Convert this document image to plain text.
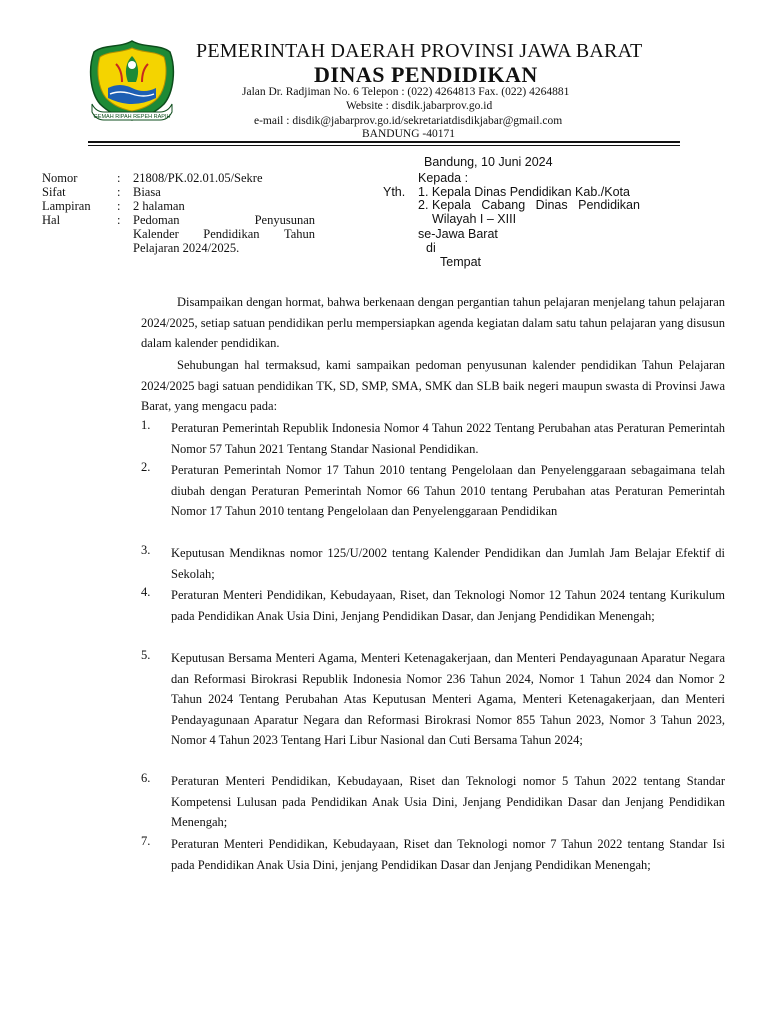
GEMAH RIPAH REPEH RAPIH
PEMERINTAH DAERAH PROVINSI JAWA BARAT
DINAS PENDIDIKAN
Jalan Dr. Radjiman No. 6 Telepon : (022) 4264813 Fax. (022) 4264881
Website : disdik.jabarprov.go.id
e-mail : disdik@jabarprov.go.id/sekretariatdisdikjabar@gmail.com
BANDUNG -40171
Bandung, 10 Juni 2024
Nomor	: 21808/PK.02.01.05/Sekre
Sifat	: Biasa
Lampiran : 2 halaman
Hal	: Pedoman	Penyusunan
Kalender Pendidikan Tahun
Pelajaran 2024/2025.
Kepada :
Yth. 1. Kepala Dinas Pendidikan Kab./Kota
2. Kepala Cabang Dinas Pendidikan
Wilayah I – XIII
se-Jawa Barat
di
Tempat
Disampaikan dengan hormat, bahwa berkenaan dengan pergantian tahun pelajaran menjelang tahun pelajaran 2024/2025, setiap satuan pendidikan perlu mempersiapkan agenda kegiatan dalam satu tahun pelajaran yang disusun dalam kalender pendidikan.
Sehubungan hal termaksud, kami sampaikan pedoman penyusunan kalender pendidikan Tahun Pelajaran 2024/2025 bagi satuan pendidikan TK, SD, SMP, SMA, SMK dan SLB baik negeri maupun swasta di Provinsi Jawa Barat, yang mengacu pada:
1. Peraturan Pemerintah Republik Indonesia Nomor 4 Tahun 2022 Tentang Perubahan atas Peraturan Pemerintah Nomor 57 Tahun 2021 Tentang Standar Nasional Pendidikan.
2. Peraturan Pemerintah Nomor 17 Tahun 2010 tentang Pengelolaan dan Penyelenggaraan sebagaimana telah diubah dengan Peraturan Pemerintah Nomor 66 Tahun 2010 tentang Perubahan atas Peraturan Pemerintah Nomor 17 Tahun 2010 tentang Pengelolaan dan Penyelenggaraan Pendidikan
3. Keputusan Mendiknas nomor 125/U/2002 tentang Kalender Pendidikan dan Jumlah Jam Belajar Efektif di Sekolah;
4. Peraturan Menteri Pendidikan, Kebudayaan, Riset, dan Teknologi Nomor 12 Tahun 2024 tentang Kurikulum pada Pendidikan Anak Usia Dini, Jenjang Pendidikan Dasar, dan Jenjang Pendidikan Menengah;
5. Keputusan Bersama Menteri Agama, Menteri Ketenagakerjaan, dan Menteri Pendayagunaan Aparatur Negara dan Reformasi Birokrasi Republik Indonesia Nomor 236 Tahun 2024, Nomor 1 Tahun 2024 dan Nomor 2 Tahun 2024 Tentang Perubahan Atas Keputusan Menteri Agama, Menteri Ketenagakerjaan, dan Menteri Pendayagunaan Aparatur Negara dan Reformasi Birokrasi Nomor 855 Tahun 2023, Nomor 3 Tahun 2023, Nomor 4 Tahun 2023 Tentang Hari Libur Nasional dan Cuti Bersama Tahun 2024;
6. Peraturan Menteri Pendidikan, Kebudayaan, Riset dan Teknologi nomor 5 Tahun 2022 tentang Standar Kompetensi Lulusan pada Pendidikan Anak Usia Dini, Jenjang Pendidikan Dasar dan Jenjang Pendidikan Menengah;
7. Peraturan Menteri Pendidikan, Kebudayaan, Riset dan Teknologi nomor 7 Tahun 2022 tentang Standar Isi pada Pendidikan Anak Usia Dini, jenjang Pendidikan Dasar dan Jenjang Pendidikan Menengah;
